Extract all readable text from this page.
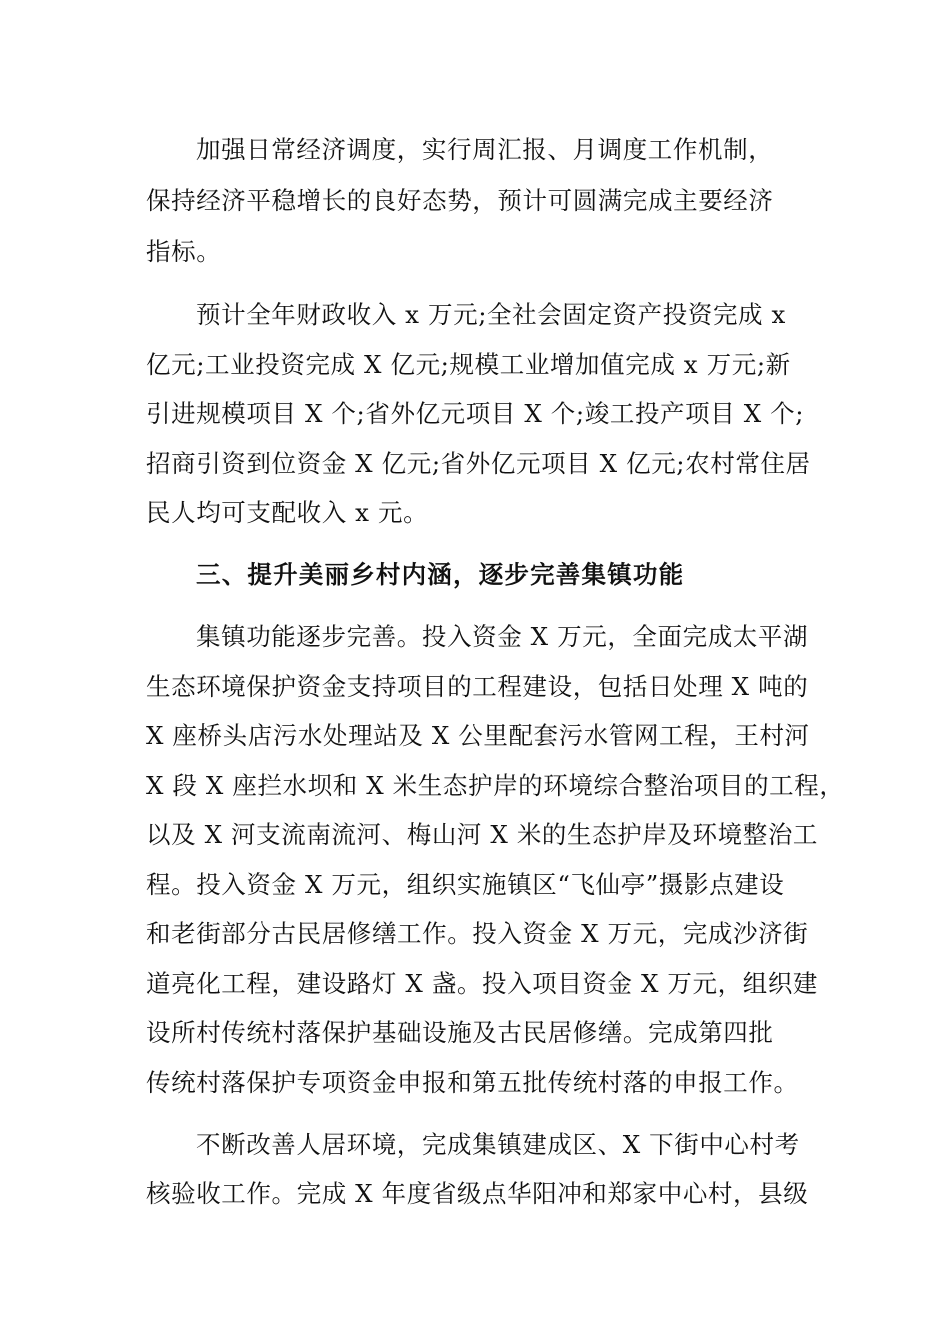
加强日常经济调度，实行周汇报、月调度工作机制，
保持经济平稳增长的良好态势，预计可圆满完成主要经济
指标。
预计全年财政收入 x 万元;全社会固定资产投资完成 x
亿元;工业投资完成 X 亿元;规模工业增加值完成 x 万元;新
引进规模项目 X 个;省外亿元项目 X 个;竣工投产项目 X 个;
招商引资到位资金 X 亿元;省外亿元项目 X 亿元;农村常住居
民人均可支配收入 x 元。
三、提升美丽乡村内涵，逐步完善集镇功能
集镇功能逐步完善。投入资金 X 万元，全面完成太平湖
生态环境保护资金支持项目的工程建设，包括日处理 X 吨的
X 座桥头店污水处理站及 X 公里配套污水管网工程，王村河
X 段 X 座拦水坝和 X 米生态护岸的环境综合整治项目的工程，
以及 X 河支流南流河、梅山河 X 米的生态护岸及环境整治工
程。投入资金 X 万元，组织实施镇区“飞仙亭”摄影点建设
和老街部分古民居修缮工作。投入资金 X 万元，完成沙济街
道亮化工程，建设路灯 X 盏。投入项目资金 X 万元，组织建
设所村传统村落保护基础设施及古民居修缮。完成第四批
传统村落保护专项资金申报和第五批传统村落的申报工作。
不断改善人居环境，完成集镇建成区、X 下街中心村考
核验收工作。完成 X 年度省级点华阳冲和郑家中心村，县级
